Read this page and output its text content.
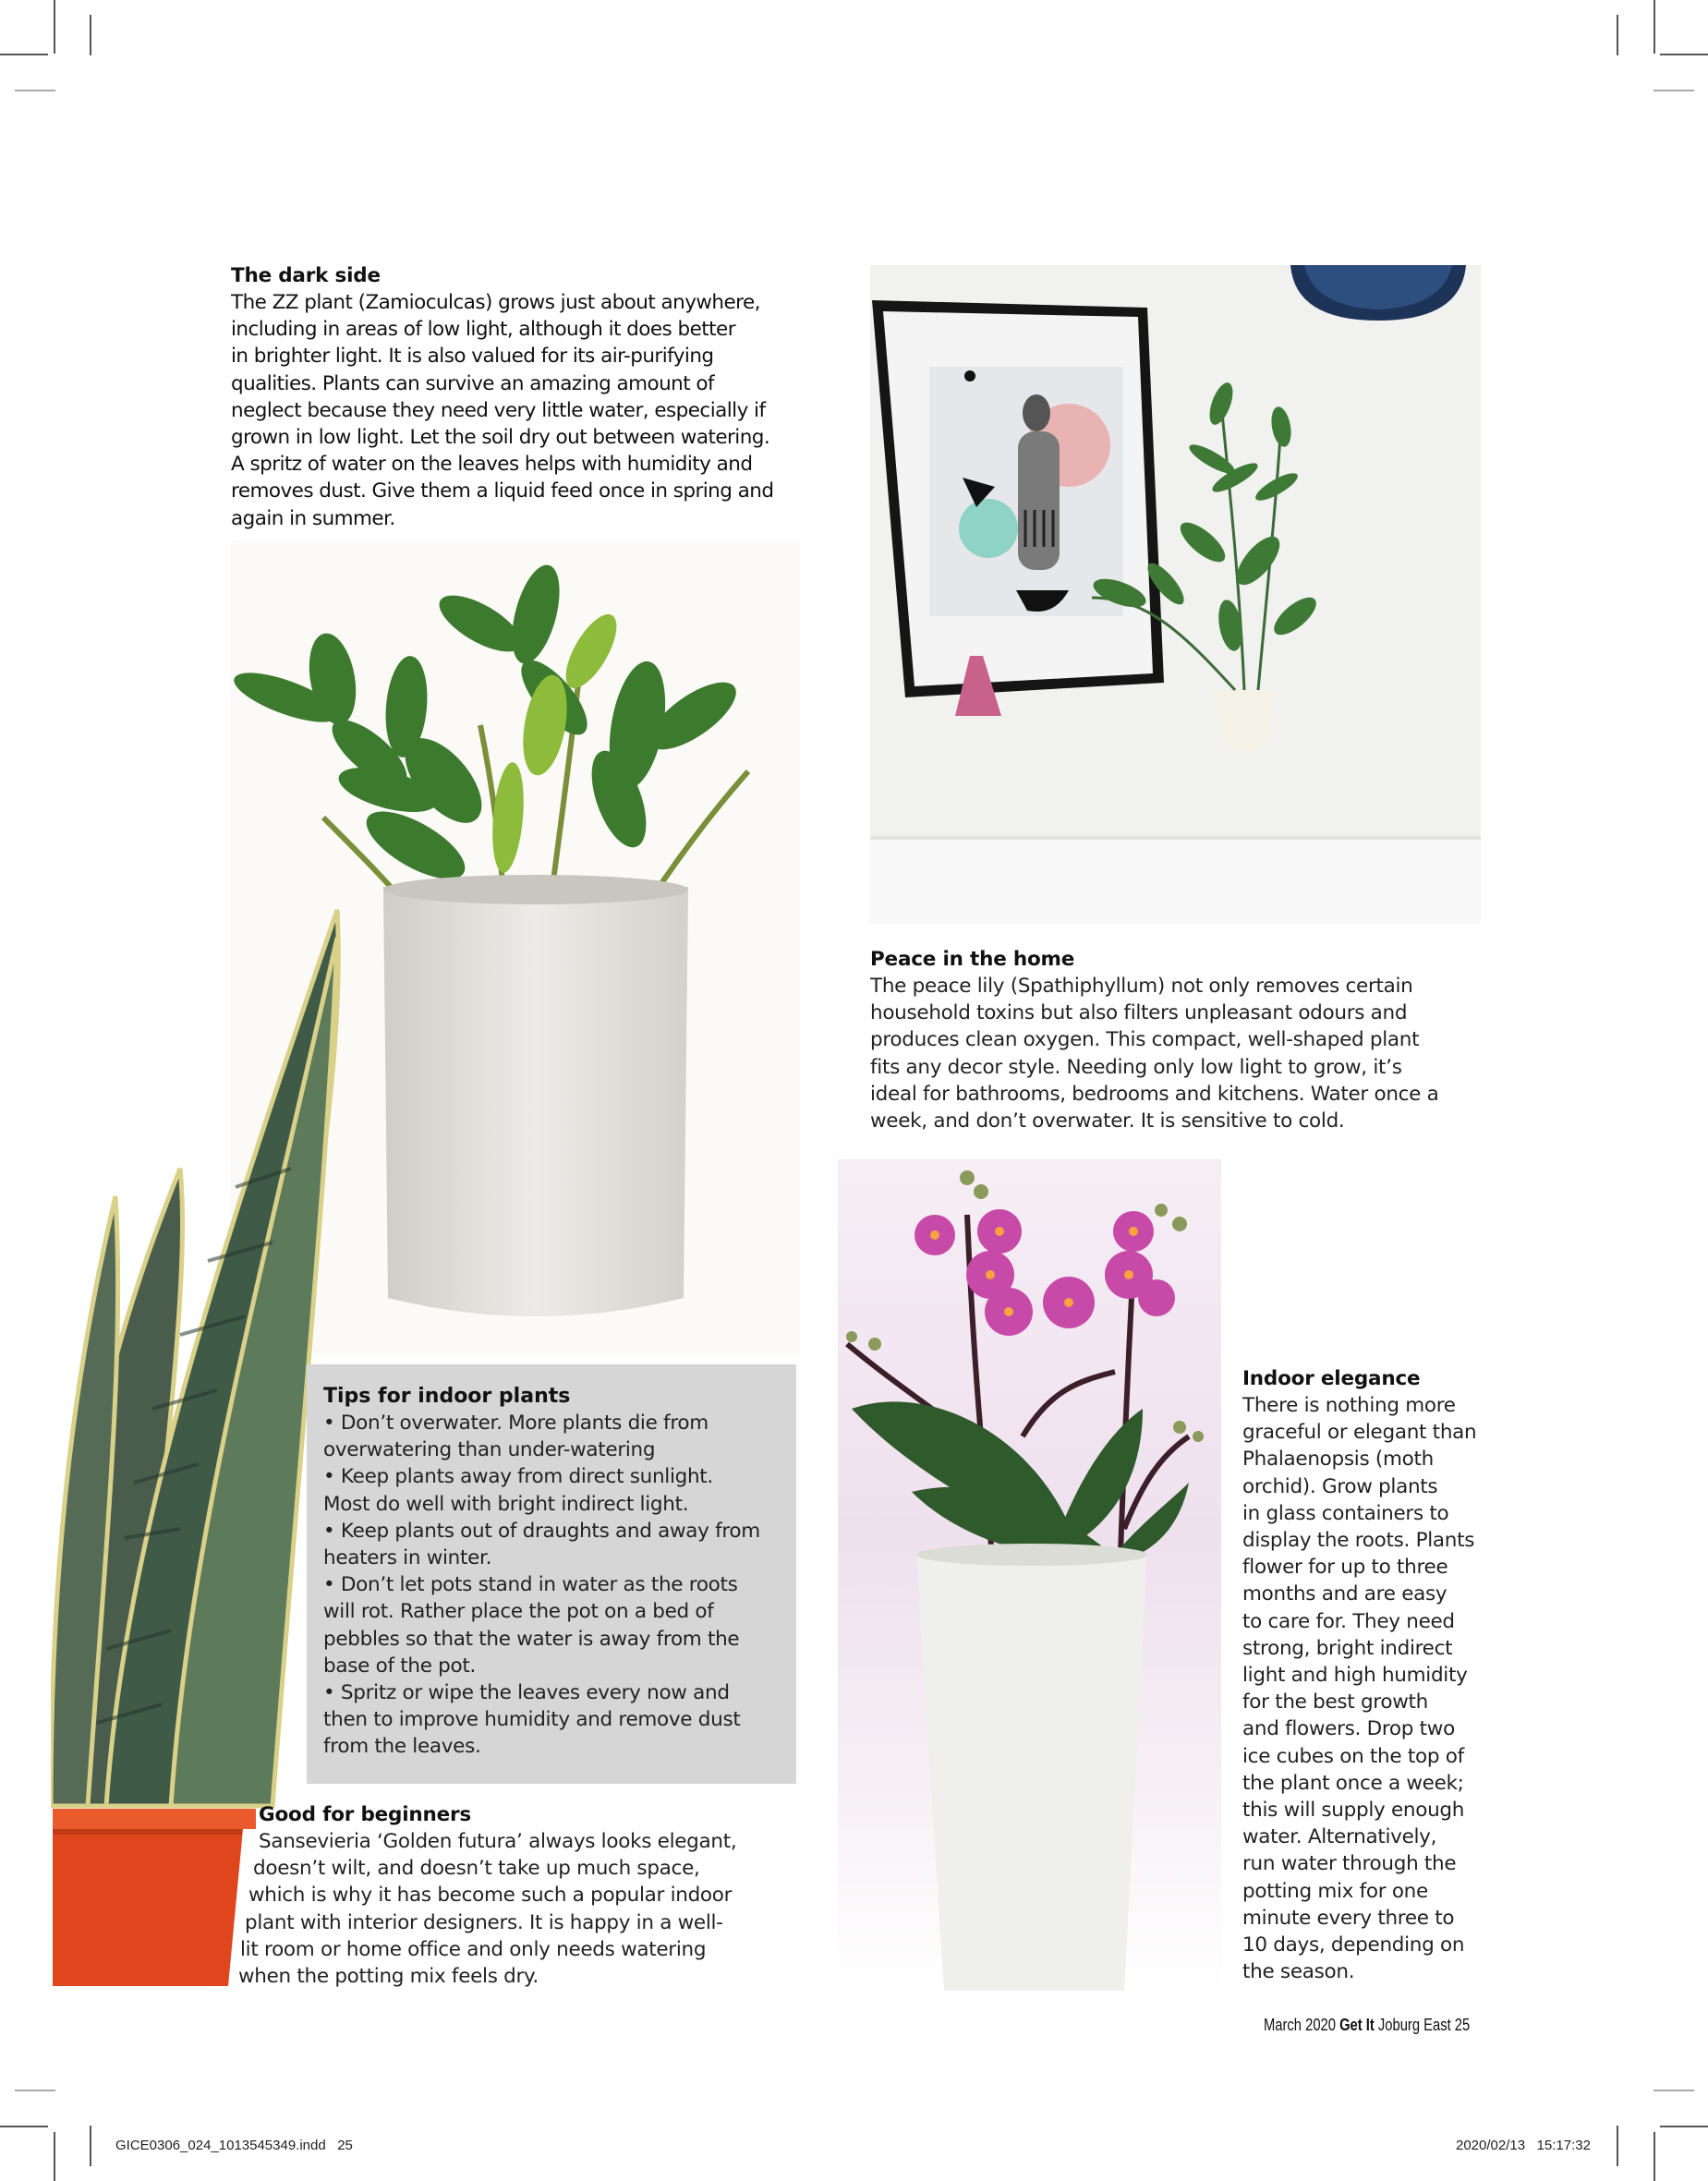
The dark side

The ZZ plant (Zamioculcas) grows just about anywhere,
including in areas of low light, although it does better
in brighter light. It is also valued for its air-purifying
qualities. Plants can survive an amazing amount of
neglect because they need very little water, especially if
grown in low light. Let the soil dry out between watering.
A spritz of water on the leaves helps with humidity and
removes dust. Give them a liquid feed once in spring and
again in summer.

Peace in the home

The peace lily (Spathiphyllum) not only removes certain
household toxins but also filters unpleasant odours and
produces clean oxygen. This compact, well-shaped plant
fits any decor style. Needing only low light to grow, it’s
ideal for bathrooms, bedrooms and kitchens. Water once a
week, and don’t overwater. It is sensitive to cold.

Tips for indoor plants
• Don’t overwater. More plants die from
overwatering than under-watering
• Keep plants away from direct sunlight.
Most do well with bright indirect light.
• Keep plants out of draughts and away from
heaters in winter.
• Don’t let pots stand in water as the roots
will rot. Rather place the pot on a bed of
pebbles so that the water is away from the
base of the pot.
• Spritz or wipe the leaves every now and
then to improve humidity and remove dust
from the leaves.
Good for beginners

Sansevieria ‘Golden futura’ always looks elegant,
doesn’t wilt, and doesn’t take up much space,
which is why it has become such a popular indoor
plant with interior designers. It is happy in a well-
lit room or home office and only needs watering
when the potting mix feels dry.

Indoor elegance

There is nothing more
graceful or elegant than
Phalaenopsis (moth
orchid). Grow plants
in glass containers to
display the roots. Plants
flower for up to three
months and are easy
to care for. They need
strong, bright indirect
light and high humidity
for the best growth
and flowers. Drop two
ice cubes on the top of
the plant once a week;
this will supply enough
water. Alternatively,
run water through the
potting mix for one
minute every three to
10 days, depending on
the season.

March 2020 Get It Joburg East 25
GICE0306_024_1013545349.indd   25	2020/02/13   15:17:32
